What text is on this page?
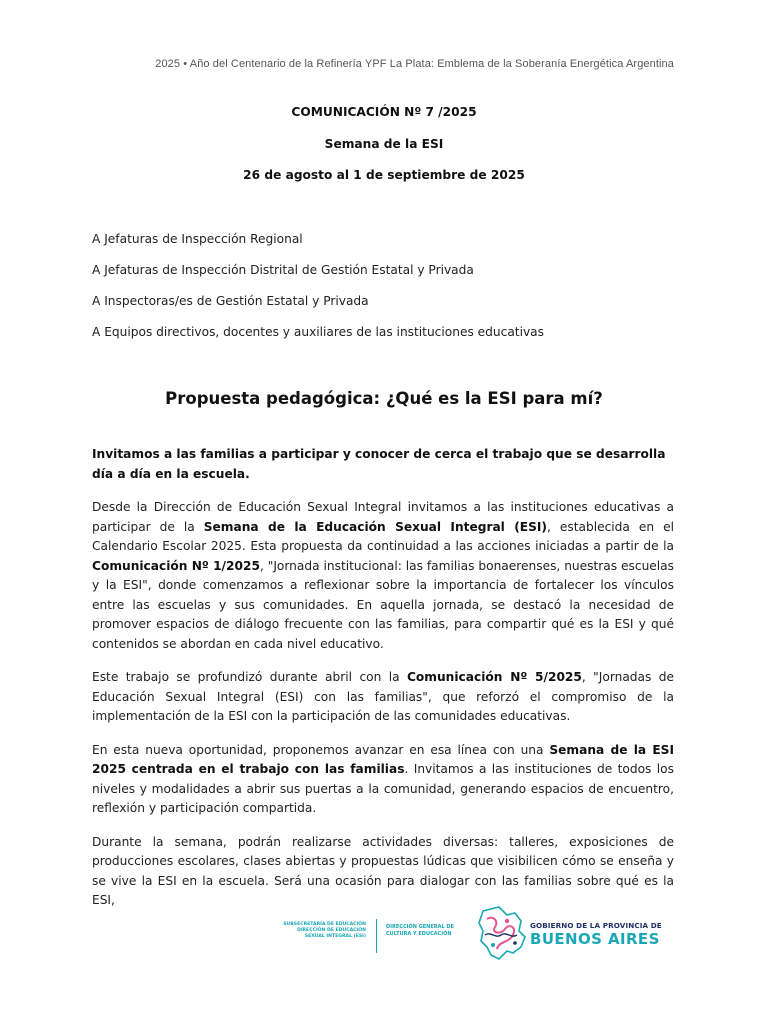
2025 • Año del Centenario de la Refinería YPF La Plata: Emblema de la Soberanía Energética Argentina
COMUNICACIÓN Nº 7 /2025
Semana de la ESI
26 de agosto al 1 de septiembre de 2025
A Jefaturas de Inspección Regional
A Jefaturas de Inspección Distrital de Gestión Estatal y Privada
A Inspectoras/es de Gestión Estatal y Privada
A Equipos directivos, docentes y auxiliares de las instituciones educativas
Propuesta pedagógica: ¿Qué es la ESI para mí?

Invitamos a las familias a participar y conocer de cerca el trabajo que se desarrolla día a día en la escuela.

Desde la Dirección de Educación Sexual Integral invitamos a las instituciones educativas a participar de la Semana de la Educación Sexual Integral (ESI), establecida en el Calendario Escolar 2025. Esta propuesta da continuidad a las acciones iniciadas a partir de la Comunicación Nº 1/2025, "Jornada institucional: las familias bonaerenses, nuestras escuelas y la ESI", donde comenzamos a reflexionar sobre la importancia de fortalecer los vínculos entre las escuelas y sus comunidades. En aquella jornada, se destacó la necesidad de promover espacios de diálogo frecuente con las familias, para compartir qué es la ESI y qué contenidos se abordan en cada nivel educativo.

Este trabajo se profundizó durante abril con la Comunicación Nº 5/2025, "Jornadas de Educación Sexual Integral (ESI) con las familias", que reforzó el compromiso de la implementación de la ESI con la participación de las comunidades educativas.

En esta nueva oportunidad, proponemos avanzar en esa línea con una Semana de la ESI 2025 centrada en el trabajo con las familias. Invitamos a las instituciones de todos los niveles y modalidades a abrir sus puertas a la comunidad, generando espacios de encuentro, reflexión y participación compartida.

Durante la semana, podrán realizarse actividades diversas: talleres, exposiciones de producciones escolares, clases abiertas y propuestas lúdicas que visibilicen cómo se enseña y se vive la ESI en la escuela. Será una ocasión para dialogar con las familias sobre qué es la ESI,

SUBSECRETARÍA DE EDUCACIÓN
DIRECCIÓN DE EDUCACIÓN
SEXUAL INTEGRAL (ESI)
DIRECCIÓN GENERAL DE
CULTURA Y EDUCACIÓN
GOBIERNO DE LA PROVINCIA DE
BUENOS AIRES
